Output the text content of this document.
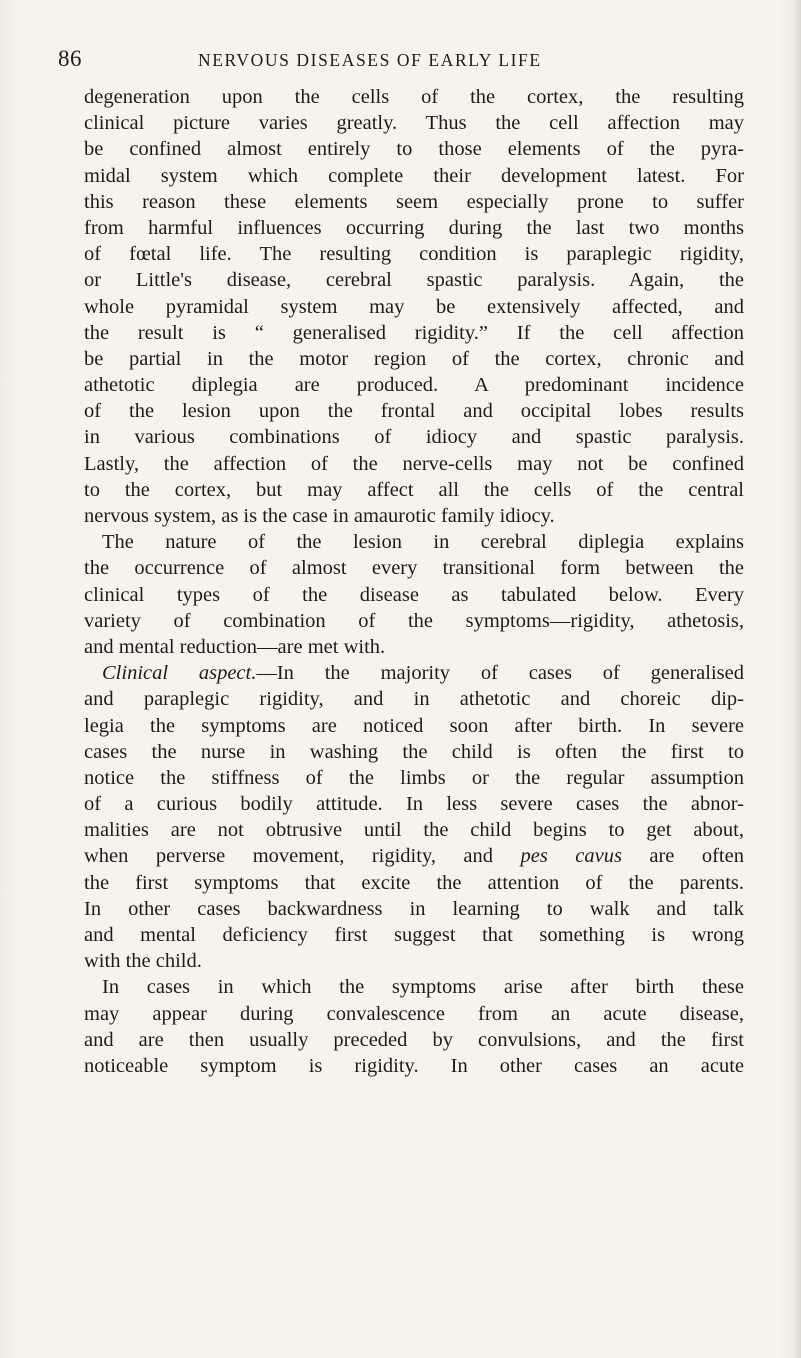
86	NERVOUS DISEASES OF EARLY LIFE
degeneration upon the cells of the cortex, the resulting
clinical picture varies greatly. Thus the cell affection may
be confined almost entirely to those elements of the pyra-
midal system which complete their development latest. For
this reason these elements seem especially prone to suffer
from harmful influences occurring during the last two months
of fœtal life. The resulting condition is paraplegic rigidity,
or Little's disease, cerebral spastic paralysis. Again, the
whole pyramidal system may be extensively affected, and
the result is “ generalised rigidity.” If the cell affection
be partial in the motor region of the cortex, chronic and
athetotic diplegia are produced. A predominant incidence
of the lesion upon the frontal and occipital lobes results
in various combinations of idiocy and spastic paralysis.
Lastly, the affection of the nerve-cells may not be confined
to the cortex, but may affect all the cells of the central
nervous system, as is the case in amaurotic family idiocy.
The nature of the lesion in cerebral diplegia explains
the occurrence of almost every transitional form between the
clinical types of the disease as tabulated below. Every
variety of combination of the symptoms—rigidity, athetosis,
and mental reduction—are met with.
Clinical aspect.—In the majority of cases of generalised
and paraplegic rigidity, and in athetotic and choreic dip-
legia the symptoms are noticed soon after birth. In severe
cases the nurse in washing the child is often the first to
notice the stiffness of the limbs or the regular assumption
of a curious bodily attitude. In less severe cases the abnor-
malities are not obtrusive until the child begins to get about,
when perverse movement, rigidity, and pes cavus are often
the first symptoms that excite the attention of the parents.
In other cases backwardness in learning to walk and talk
and mental deficiency first suggest that something is wrong
with the child.
In cases in which the symptoms arise after birth these
may appear during convalescence from an acute disease,
and are then usually preceded by convulsions, and the first
noticeable symptom is rigidity. In other cases an acute
